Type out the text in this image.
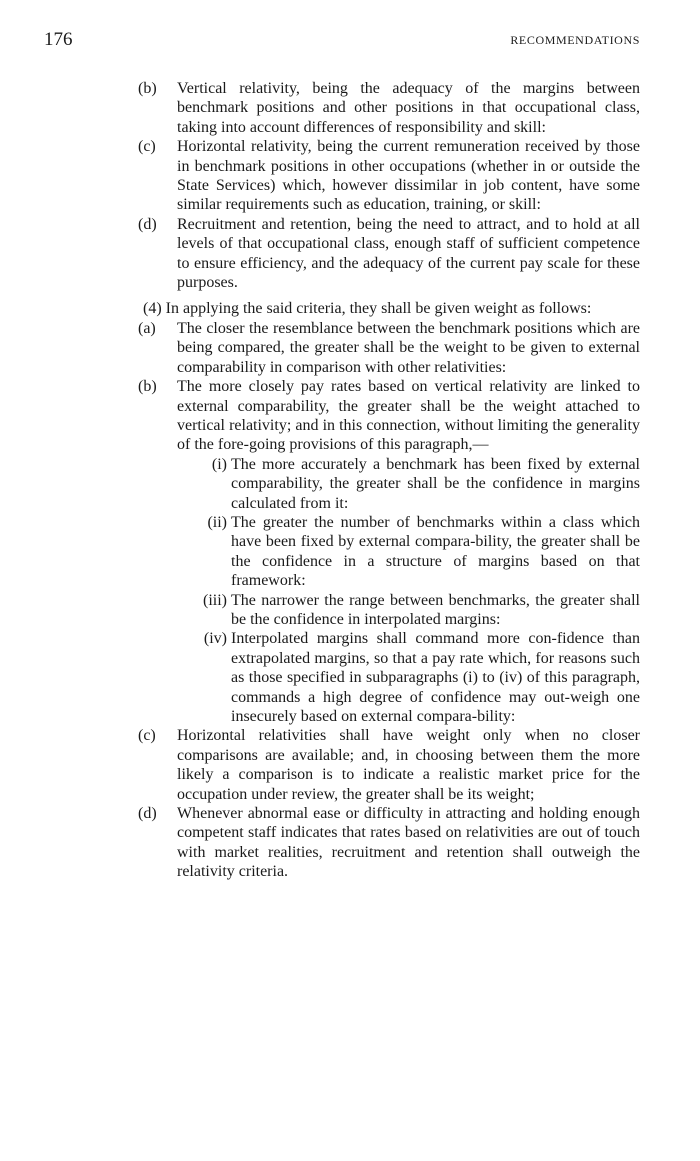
176	RECOMMENDATIONS
(b) Vertical relativity, being the adequacy of the margins between benchmark positions and other positions in that occupational class, taking into account differences of responsibility and skill:

(c) Horizontal relativity, being the current remuneration received by those in benchmark positions in other occupations (whether in or outside the State Services) which, however dissimilar in job content, have some similar requirements such as education, training, or skill:

(d) Recruitment and retention, being the need to attract, and to hold at all levels of that occupational class, enough staff of sufficient competence to ensure efficiency, and the adequacy of the current pay scale for these purposes.

(4) In applying the said criteria, they shall be given weight as follows:

(a) The closer the resemblance between the benchmark positions which are being compared, the greater shall be the weight to be given to external comparability in comparison with other relativities:

(b) The more closely pay rates based on vertical relativity are linked to external comparability, the greater shall be the weight attached to vertical relativity; and in this connection, without limiting the generality of the fore-going provisions of this paragraph,—

(i) The more accurately a benchmark has been fixed by external comparability, the greater shall be the confidence in margins calculated from it:

(ii) The greater the number of benchmarks within a class which have been fixed by external compara-bility, the greater shall be the confidence in a structure of margins based on that framework:

(iii) The narrower the range between benchmarks, the greater shall be the confidence in interpolated margins:

(iv) Interpolated margins shall command more con-fidence than extrapolated margins, so that a pay rate which, for reasons such as those specified in subparagraphs (i) to (iv) of this paragraph, commands a high degree of confidence may out-weigh one insecurely based on external compara-bility:

(c) Horizontal relativities shall have weight only when no closer comparisons are available; and, in choosing between them the more likely a comparison is to indicate a realistic market price for the occupation under review, the greater shall be its weight;

(d) Whenever abnormal ease or difficulty in attracting and holding enough competent staff indicates that rates based on relativities are out of touch with market realities, recruitment and retention shall outweigh the relativity criteria.
